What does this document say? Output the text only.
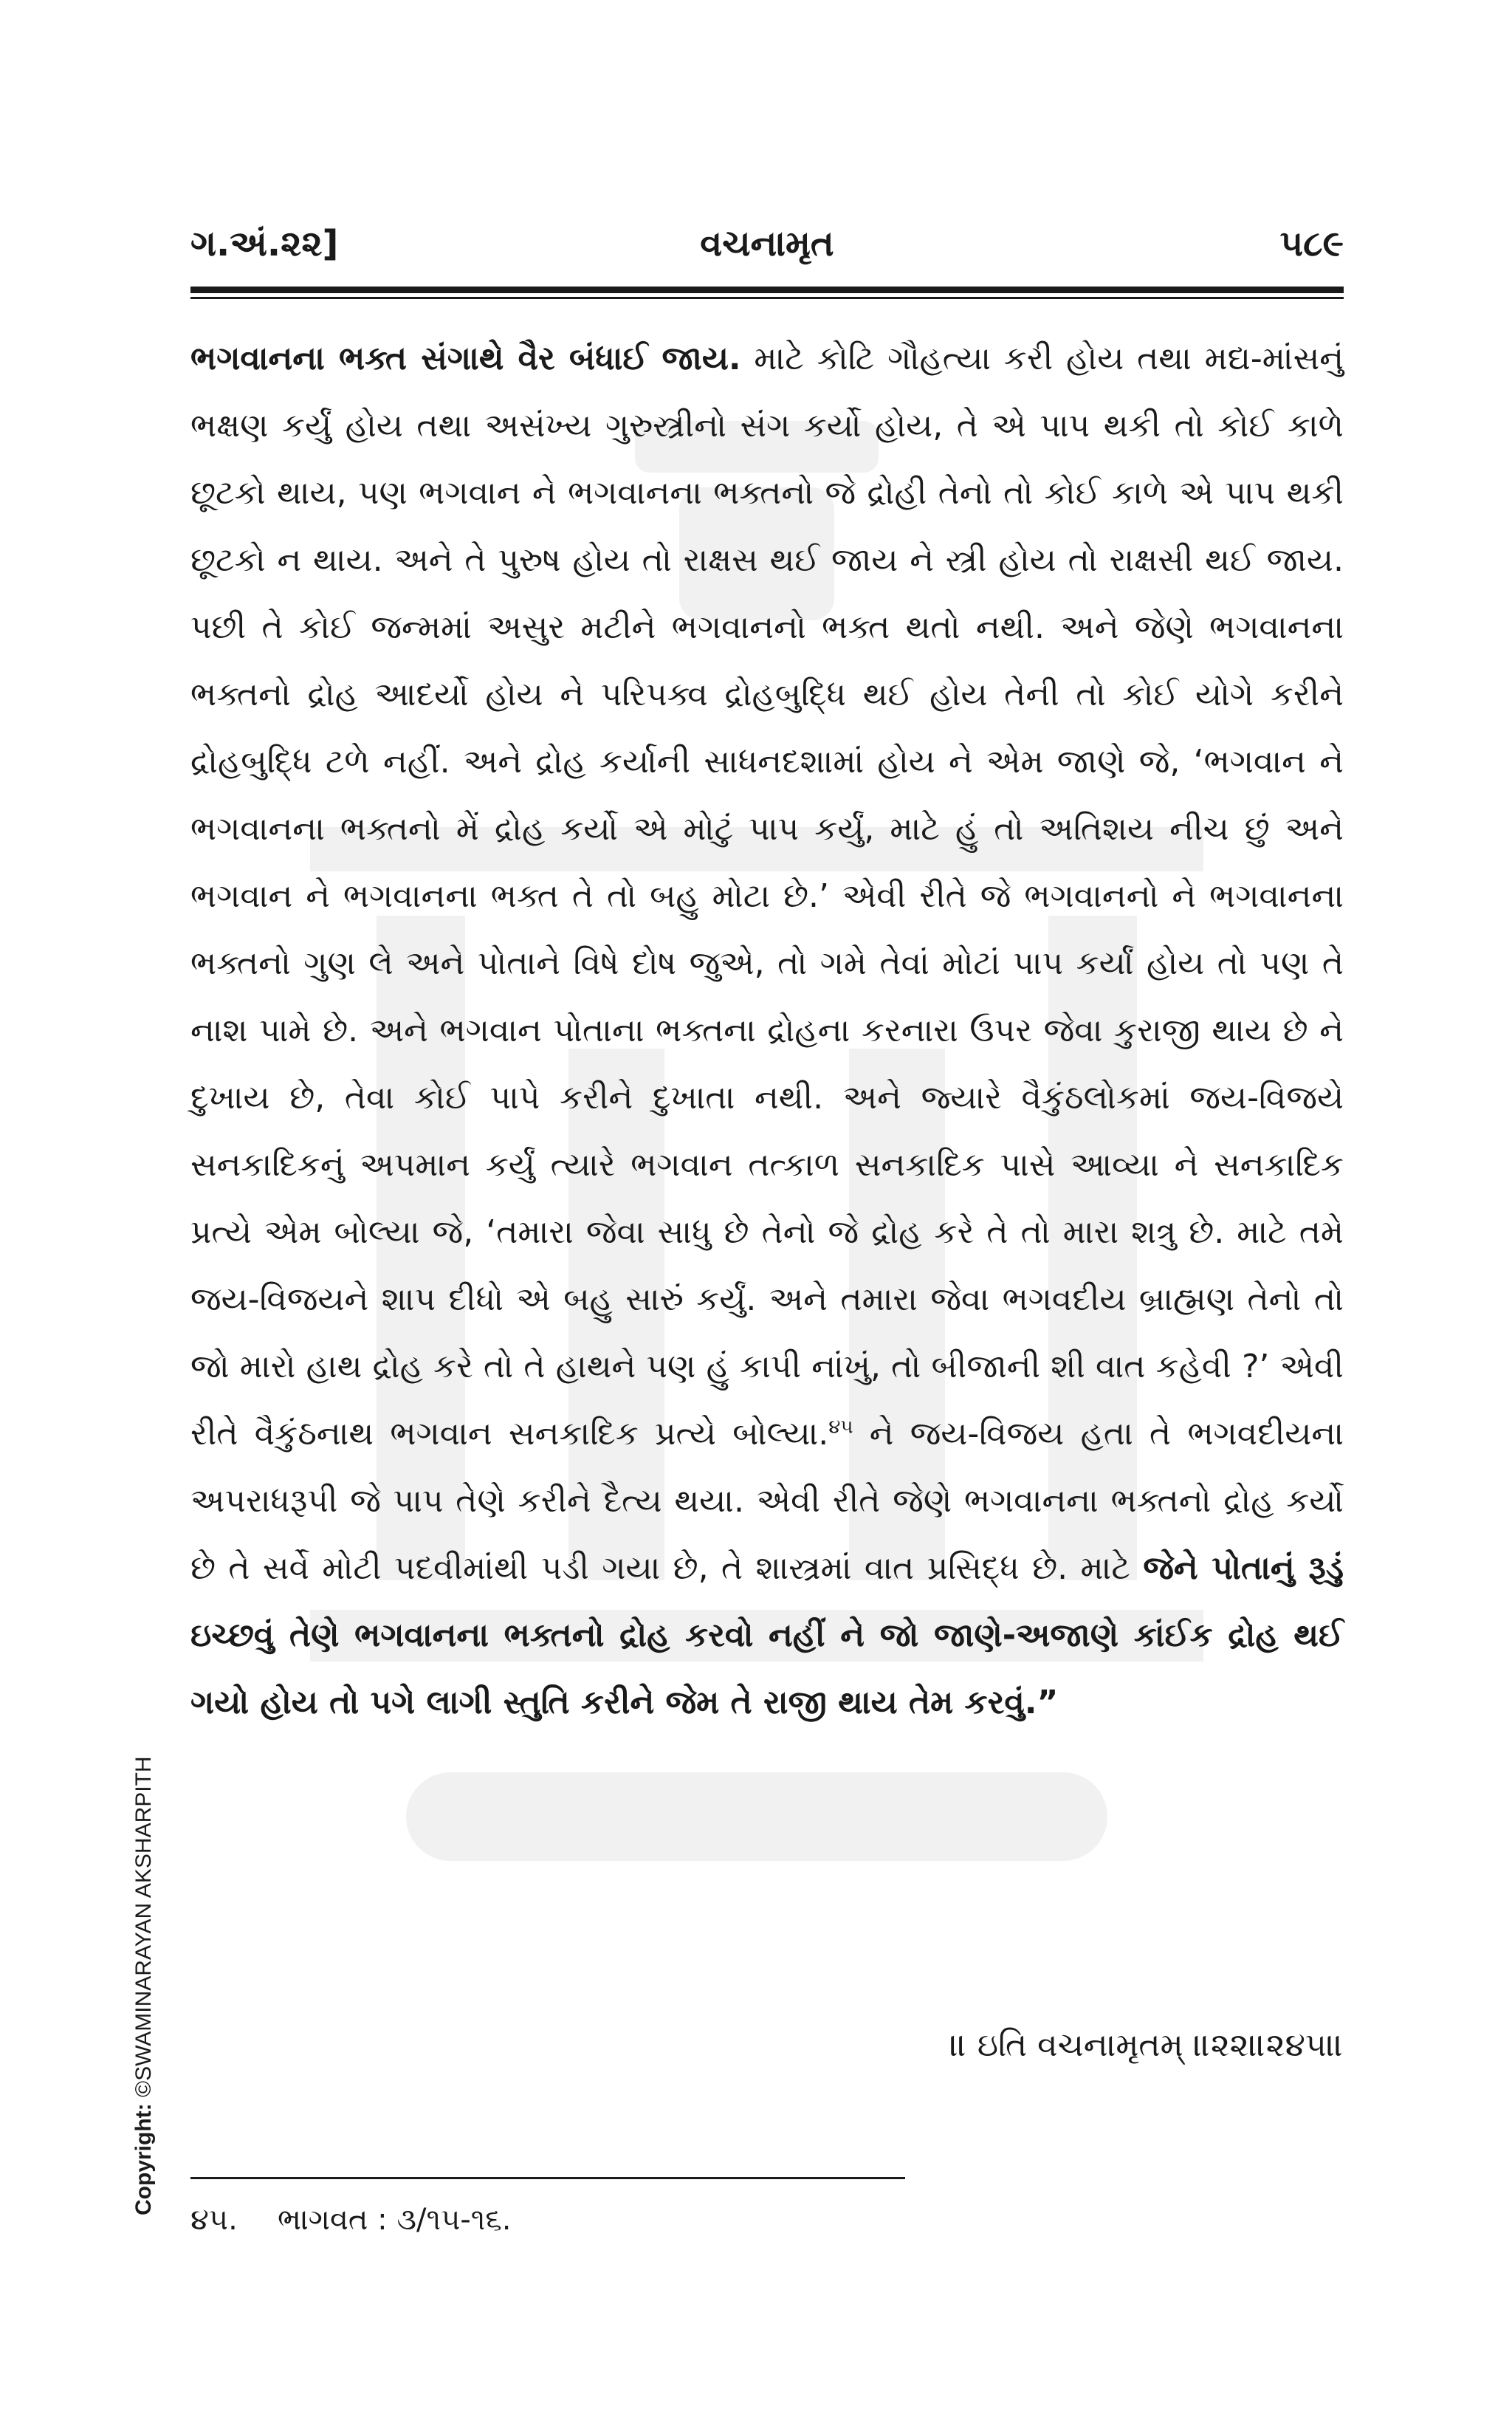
ગ.અં.૨૨]	વચનામૃત	૫૮૯
ભગવાનના ભક્ત સંગાથે વૈર બંધાઈ જાય. માટે કોટિ ગૌહત્યા કરી હોય તથા મદ્ય-માંસનું ભક્ષણ કર્યું હોય તથા અસંખ્ય ગુરુસ્ત્રીનો સંગ કર્યો હોય, તે એ પાપ થકી તો કોઈ કાળે છૂટકો થાય, પણ ભગવાન ને ભગવાનના ભક્તનો જે દ્રોહી તેનો તો કોઈ કાળે એ પાપ થકી છૂટકો ન થાય. અને તે પુરુષ હોય તો રાક્ષસ થઈ જાય ને સ્ત્રી હોય તો રાક્ષસી થઈ જાય. પછી તે કોઈ જન્મમાં અસુર મટીને ભગવાનનો ભક્ત થતો નથી. અને જેણે ભગવાનના ભક્તનો દ્રોહ આદર્યો હોય ને પરિપક્વ દ્રોહબુદ્ધિ થઈ હોય તેની તો કોઈ યોગે કરીને દ્રોહબુદ્ધિ ટળે નહીં. અને દ્રોહ કર્યાની સાધનદશામાં હોય ને એમ જાણે જે, ‘ભગવાન ને ભગવાનના ભક્તનો મેં દ્રોહ કર્યો એ મોટું પાપ કર્યું, માટે હું તો અતિશય નીચ છું અને ભગવાન ને ભગવાનના ભક્ત તે તો બહુ મોટા છે.’ એવી રીતે જે ભગવાનનો ને ભગવાનના ભક્તનો ગુણ લે અને પોતાને વિષે દોષ જુએ, તો ગમે તેવાં મોટાં પાપ કર્યાં હોય તો પણ તે નાશ પામે છે. અને ભગવાન પોતાના ભક્તના દ્રોહના કરનારા ઉપર જેવા કુરાજી થાય છે ને દુખાય છે, તેવા કોઈ પાપે કરીને દુખાતા નથી. અને જ્યારે વૈકુંઠલોકમાં જય-વિજયે સનકાદિકનું અપમાન કર્યું ત્યારે ભગવાન તત્કાળ સનકાદિક પાસે આવ્યા ને સનકાદિક પ્રત્યે એમ બોલ્યા જે, ‘તમારા જેવા સાધુ છે તેનો જે દ્રોહ કરે તે તો મારા શત્રુ છે. માટે તમે જય-વિજયને શાપ દીધો એ બહુ સારું કર્યું. અને તમારા જેવા ભગવદીય બ્રાહ્મણ તેનો તો જો મારો હાથ દ્રોહ કરે તો તે હાથને પણ હું કાપી નાંખું, તો બીજાની શી વાત કહેવી ?’ એવી રીતે વૈકુંઠનાથ ભગવાન સનકાદિક પ્રત્યે બોલ્યા.$^{૪૫}$ ને જય-વિજય હતા તે ભગવદીયના અપરાધરૂપી જે પાપ તેણે કરીને દૈત્ય થયા. એવી રીતે જેણે ભગવાનના ભક્તનો દ્રોહ કર્યો છે તે સર્વે મોટી પદવીમાંથી પડી ગયા છે, તે શાસ્ત્રમાં વાત પ્રસિદ્ધ છે. માટે જેને પોતાનું રૂડું ઇચ્છવું તેણે ભગવાનના ભક્તનો દ્રોહ કરવો નહીં ને જો જાણે-અજાણે કાંઈક દ્રોહ થઈ ગયો હોય તો પગે લાગી સ્તુતિ કરીને જેમ તે રાજી થાય તેમ કરવું.”
॥ ઇતિ વચનામૃતમ્ ॥૨૨॥૨૪૫॥
૪૫. ભાગવત : ૩/૧૫-૧૬.
Copyright: ©SWAMINARAYAN AKSHARPITH
